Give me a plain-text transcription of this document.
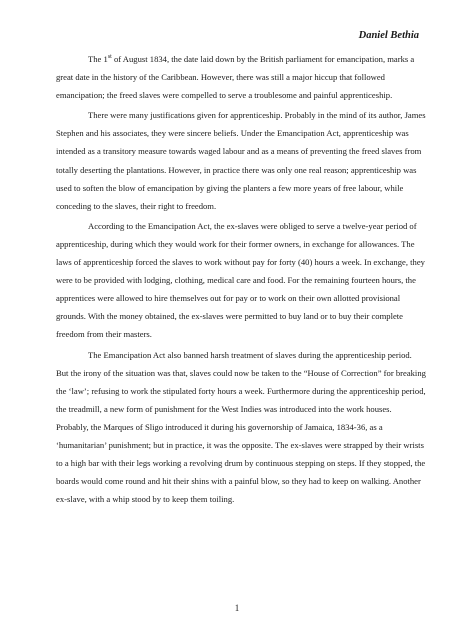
Daniel Bethia

The 1st of August 1834, the date laid down by the British parliament for emancipation, marks a great date in the history of the Caribbean. However, there was still a major hiccup that followed emancipation; the freed slaves were compelled to serve a troublesome and painful apprenticeship.

There were many justifications given for apprenticeship. Probably in the mind of its author, James Stephen and his associates, they were sincere beliefs. Under the Emancipation Act, apprenticeship was intended as a transitory measure towards waged labour and as a means of preventing the freed slaves from totally deserting the plantations. However, in practice there was only one real reason; apprenticeship was used to soften the blow of emancipation by giving the planters a few more years of free labour, while conceding to the slaves, their right to freedom.

According to the Emancipation Act, the ex-slaves were obliged to serve a twelve-year period of apprenticeship, during which they would work for their former owners, in exchange for allowances. The laws of apprenticeship forced the slaves to work without pay for forty (40) hours a week. In exchange, they were to be provided with lodging, clothing, medical care and food. For the remaining fourteen hours, the apprentices were allowed to hire themselves out for pay or to work on their own allotted provisional grounds. With the money obtained, the ex-slaves were permitted to buy land or to buy their complete freedom from their masters.

The Emancipation Act also banned harsh treatment of slaves during the apprenticeship period. But the irony of the situation was that, slaves could now be taken to the “House of Correction” for breaking the ‘law’; refusing to work the stipulated forty hours a week. Furthermore during the apprenticeship period, the treadmill, a new form of punishment for the West Indies was introduced into the work houses. Probably, the Marques of Sligo introduced it during his governorship of Jamaica, 1834-36, as a ‘humanitarian’ punishment; but in practice, it was the opposite. The ex-slaves were strapped by their wrists to a high bar with their legs working a revolving drum by continuous stepping on steps. If they stopped, the boards would come round and hit their shins with a painful blow, so they had to keep on walking. Another ex-slave, with a whip stood by to keep them toiling.

1
